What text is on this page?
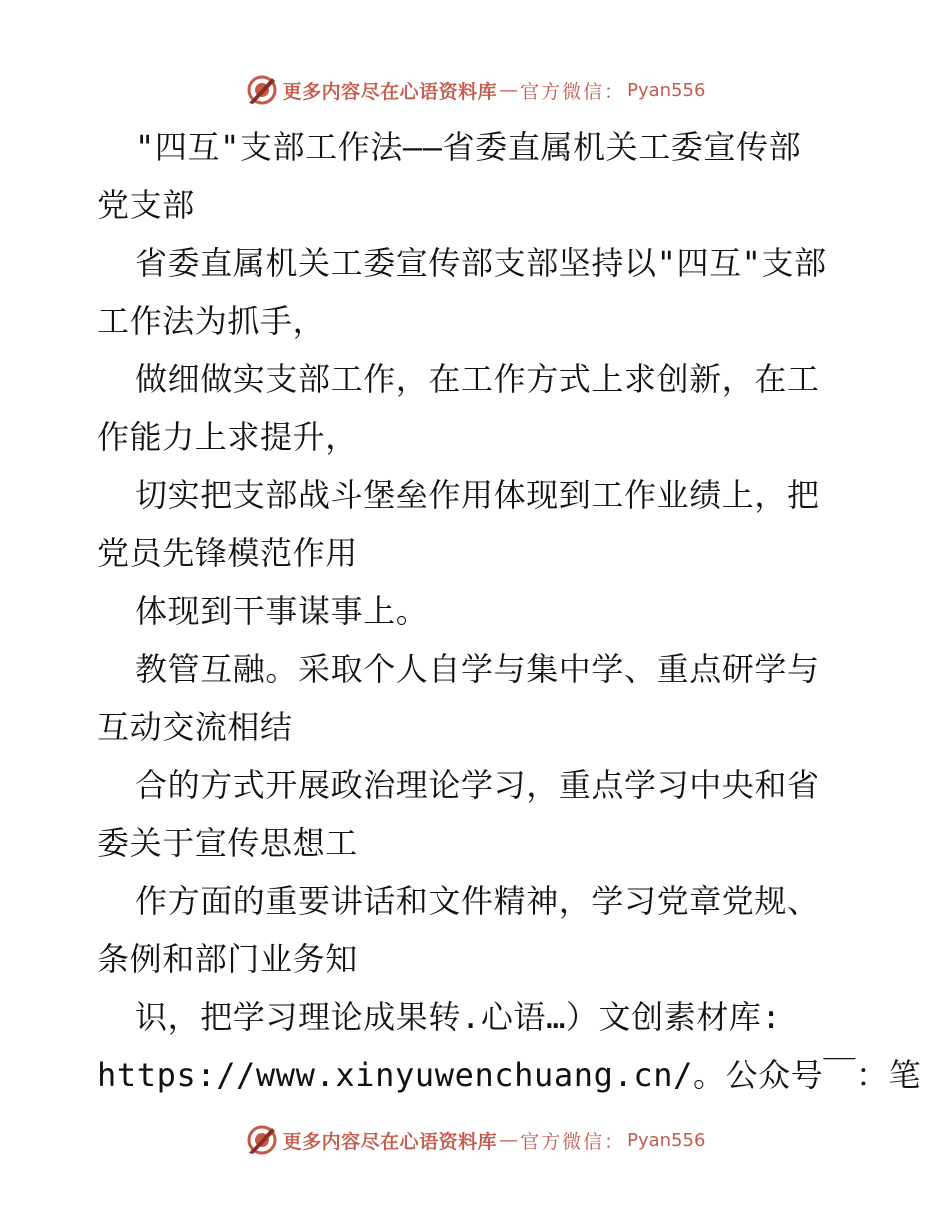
更多内容尽在心语资料库 — 官方微信： Pyan556
"四互"支部工作法——省委直属机关工委宣传部
党支部
省委直属机关工委宣传部支部坚持以"四互"支部
工作法为抓手，
做细做实支部工作，在工作方式上求创新，在工
作能力上求提升，
切实把支部战斗堡垒作用体现到工作业绩上，把
党员先锋模范作用
体现到干事谋事上。
教管互融。采取个人自学与集中学、重点研学与
互动交流相结
合的方式开展政治理论学习，重点学习中央和省
委关于宣传思想工
作方面的重要讲话和文件精神，学习党章党规、
条例和部门业务知
识，把学习理论成果转.心语…）文创素材库:
https://www.xinyuwenchuang.cn/。公众号￣：笔
更多内容尽在心语资料库 — 官方微信： Pyan556
